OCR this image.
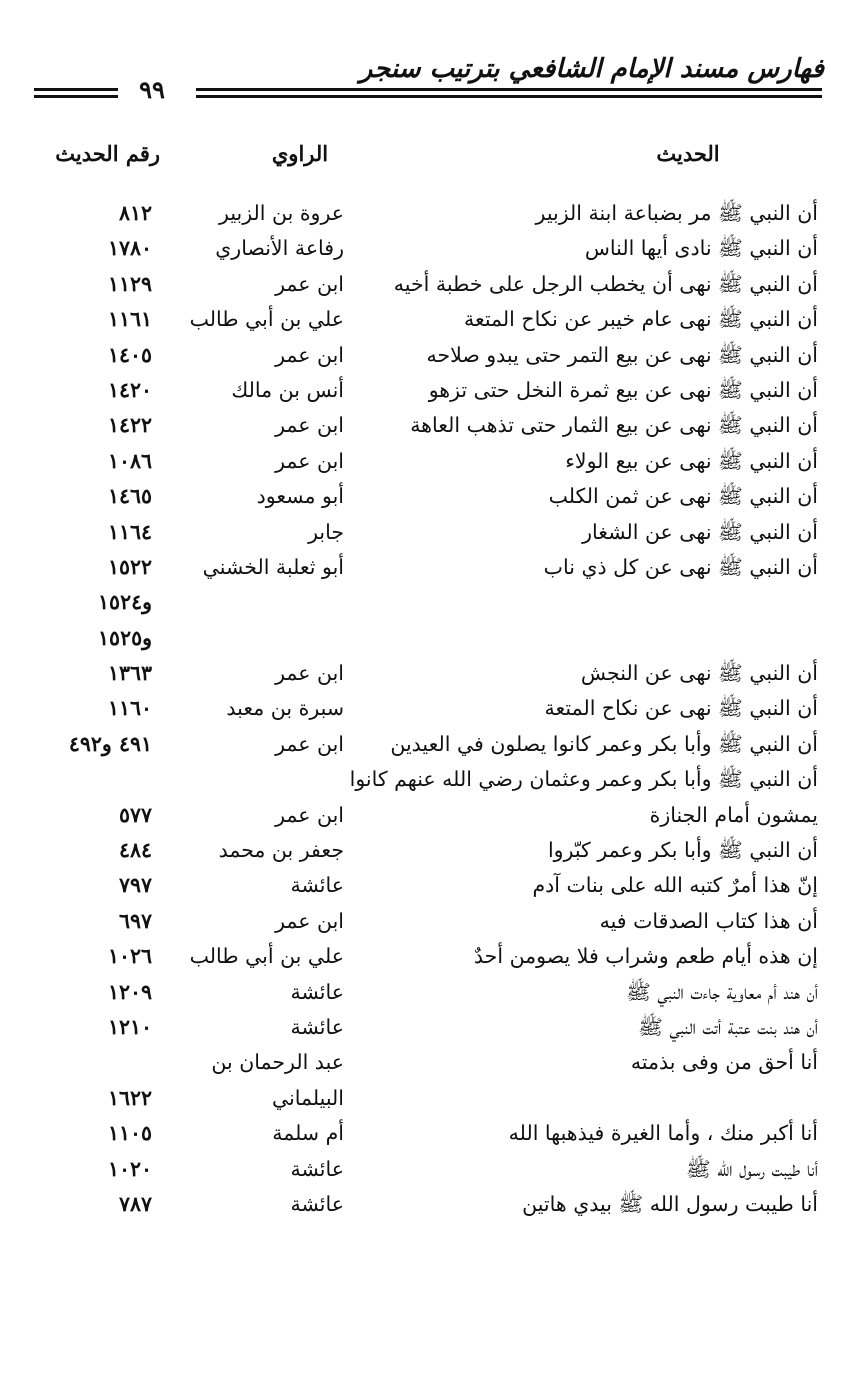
فهارس مسند الإمام الشافعي بترتيب سنجر
٩٩
الحديث
الراوي
رقم الحديث
أن النبي ﷺ مر بضباعة ابنة الزبير
عروة بن الزبير
٨١٢
أن النبي ﷺ نادى أيها الناس
رفاعة الأنصاري
١٧٨٠
أن النبي ﷺ نهى أن يخطب الرجل على خطبة أخيه
ابن عمر
١١٢٩
أن النبي ﷺ نهى عام خيبر عن نكاح المتعة
علي بن أبي طالب
١١٦١
أن النبي ﷺ نهى عن بيع التمر حتى يبدو صلاحه
ابن عمر
١٤٠٥
أن النبي ﷺ نهى عن بيع ثمرة النخل حتى تزهو
أنس بن مالك
١٤٢٠
أن النبي ﷺ نهى عن بيع الثمار حتى تذهب العاهة
ابن عمر
١٤٢٢
أن النبي ﷺ نهى عن بيع الولاء
ابن عمر
١٠٨٦
أن النبي ﷺ نهى عن ثمن الكلب
أبو مسعود
١٤٦٥
أن النبي ﷺ نهى عن الشغار
جابر
١١٦٤
أن النبي ﷺ نهى عن كل ذي ناب
أبو ثعلبة الخشني
١٥٢٢
و١٥٢٤
و١٥٢٥
أن النبي ﷺ نهى عن النجش
ابن عمر
١٣٦٣
أن النبي ﷺ نهى عن نكاح المتعة
سبرة بن معبد
١١٦٠
أن النبي ﷺ وأبا بكر وعمر كانوا يصلون في العيدين
ابن عمر
٤٩١ و٤٩٢
أن النبي ﷺ وأبا بكر وعمر وعثمان رضي الله عنهم كانوا
يمشون أمام الجنازة
ابن عمر
٥٧٧
أن النبي ﷺ وأبا بكر وعمر كبّروا
جعفر بن محمد
٤٨٤
إنّ هذا أمرٌ كتبه الله على بنات آدم
عائشة
٧٩٧
أن هذا كتاب الصدقات فيه
ابن عمر
٦٩٧
إن هذه أيام طعم وشراب فلا يصومن أحدٌ
علي بن أبي طالب
١٠٢٦
أن هند أم معاوية جاءت النبي ﷺ
عائشة
١٢٠٩
أن هند بنت عتبة أتت النبي ﷺ
عائشة
١٢١٠
أنا أحق من وفى بذمته
عبد الرحمان بن
البيلماني
١٦٢٢
أنا أكبر منك ، وأما الغيرة فيذهبها الله
أم سلمة
١١٠٥
أنا طيبت رسول الله ﷺ
عائشة
١٠٢٠
أنا طيبت رسول الله ﷺ بيدي هاتين
عائشة
٧٨٧
